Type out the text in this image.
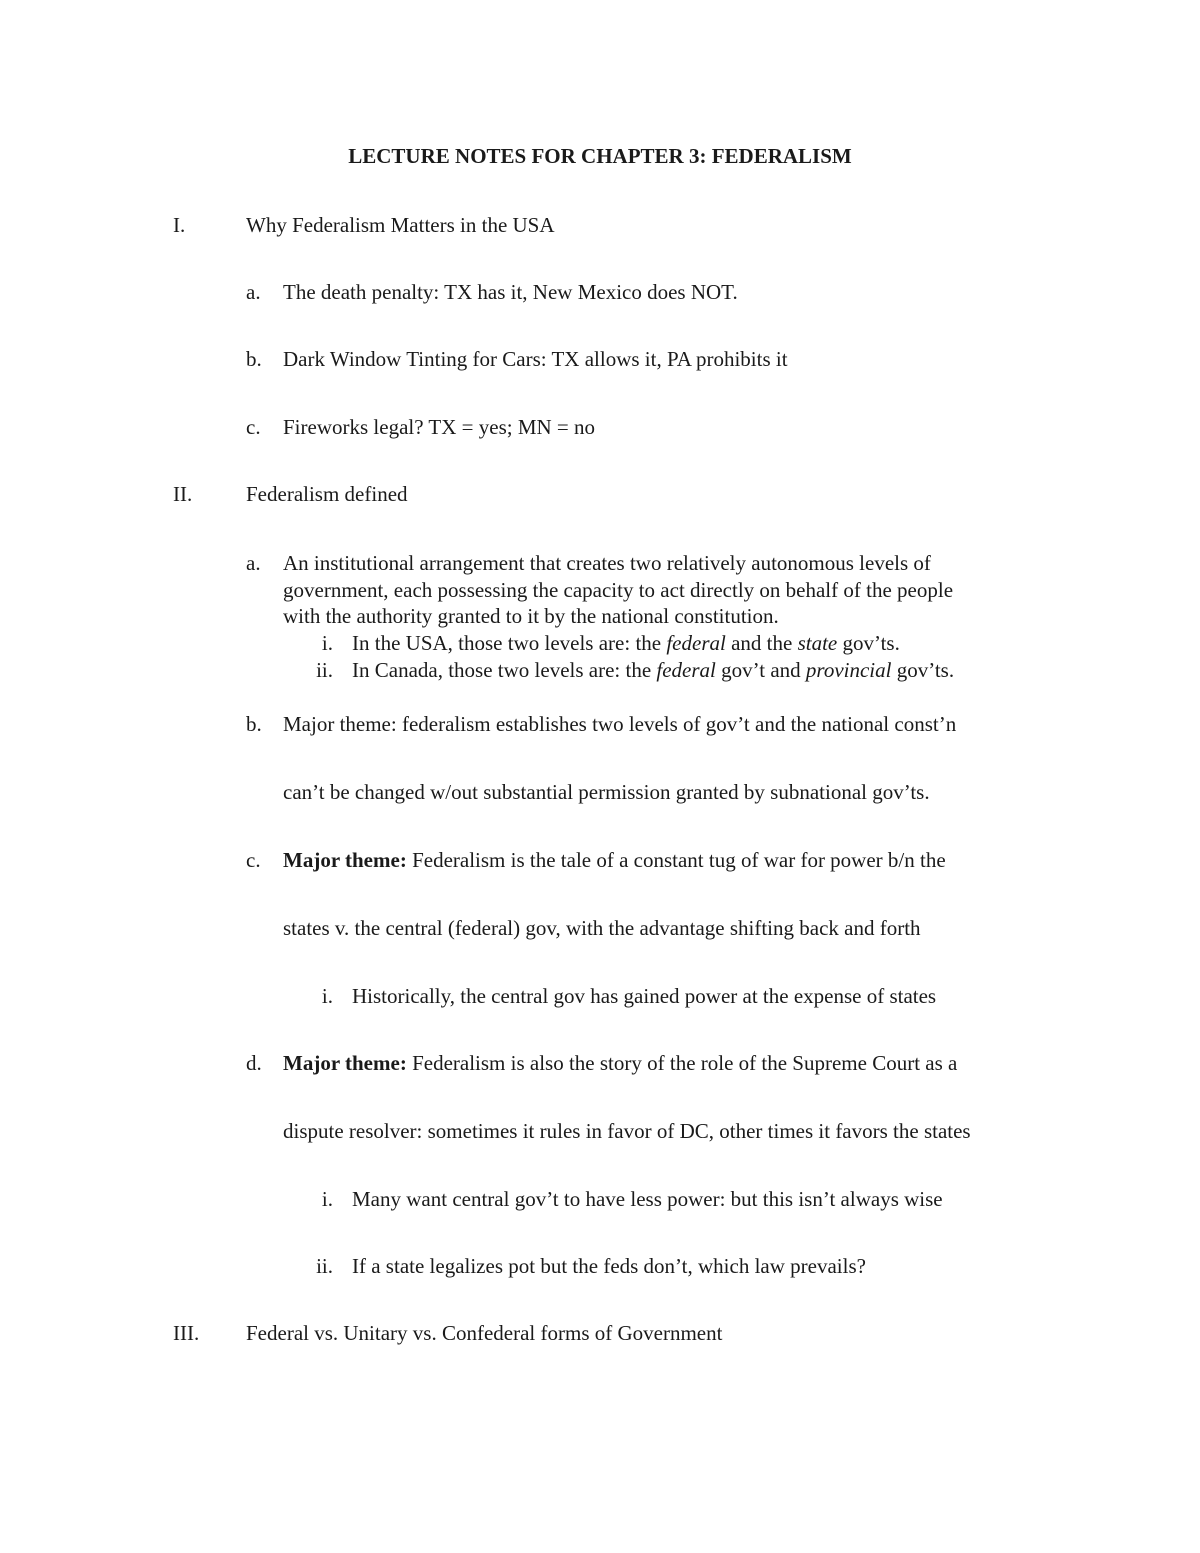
LECTURE NOTES FOR CHAPTER 3: FEDERALISM
I.	Why Federalism Matters in the USA
a. The death penalty: TX has it, New Mexico does NOT.
b. Dark Window Tinting for Cars: TX allows it, PA prohibits it
c. Fireworks legal? TX = yes; MN = no
II.	Federalism defined
a. An institutional arrangement that creates two relatively autonomous levels of
government, each possessing the capacity to act directly on behalf of the people
with the authority granted to it by the national constitution.
i. In the USA, those two levels are: the federal and the state gov’ts.
ii. In Canada, those two levels are: the federal gov’t and provincial gov’ts.
b. Major theme: federalism establishes two levels of gov’t and the national const’n
can’t be changed w/out substantial permission granted by subnational gov’ts.
c. Major theme: Federalism is the tale of a constant tug of war for power b/n the
states v. the central (federal) gov, with the advantage shifting back and forth
i. Historically, the central gov has gained power at the expense of states
d. Major theme: Federalism is also the story of the role of the Supreme Court as a
dispute resolver: sometimes it rules in favor of DC, other times it favors the states
i. Many want central gov’t to have less power: but this isn’t always wise
ii. If a state legalizes pot but the feds don’t, which law prevails?
III. Federal vs. Unitary vs. Confederal forms of Government
